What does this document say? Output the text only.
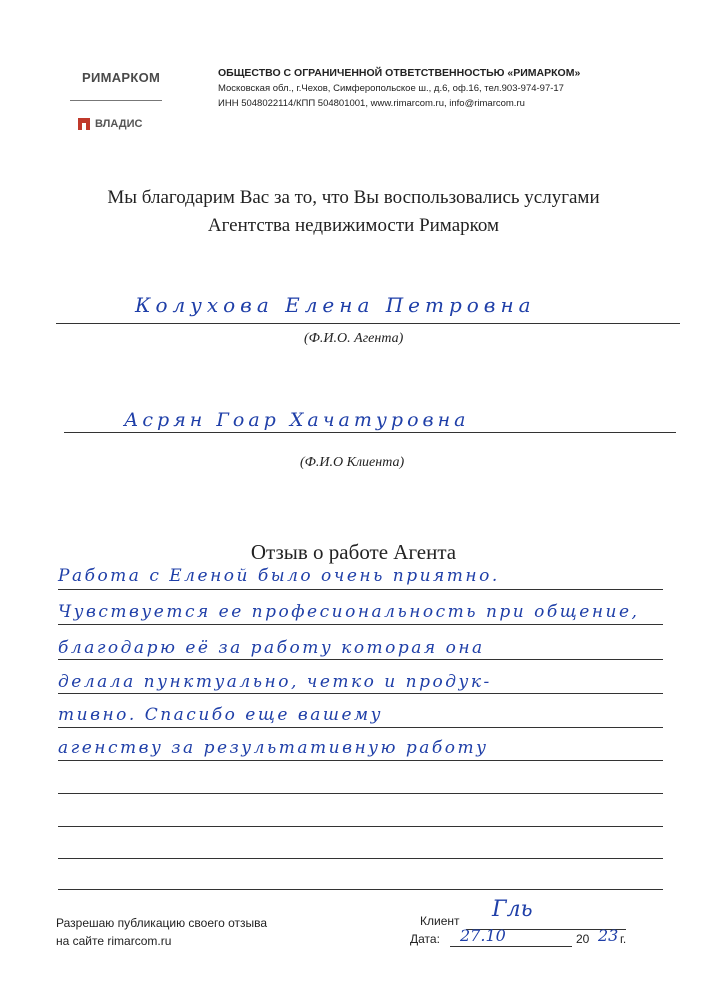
РИМАРКОМ
ВЛАДИС
ОБЩЕСТВО С ОГРАНИЧЕННОЙ ОТВЕТСТВЕННОСТЬЮ «РИМАРКОМ»
Московская обл., г.Чехов, Симферопольское ш., д.6, оф.16, тел.903-974-97-17
ИНН 5048022114/КПП 504801001, www.rimarcom.ru, info@rimarcom.ru
Мы благодарим Вас за то, что Вы воспользовались услугами
Агентства недвижимости Римарком
Колухова Елена Петровна
(Ф.И.О. Агента)
Асрян Гоар Хачатуровна
(Ф.И.О Клиента)
Отзыв о работе Агента
Работа с Еленой было очень приятно.
Чувствуется ее професиональность при общение,
благодарю её за работу которая она
делала пунктуально, четко и продук-
тивно. Спасибо еще вашему
агенству за результативную работу
Разрешаю публикацию своего отзыва
на сайте rimarcom.ru
Клиент Гль
Дата: 27.10	20 23 г.
